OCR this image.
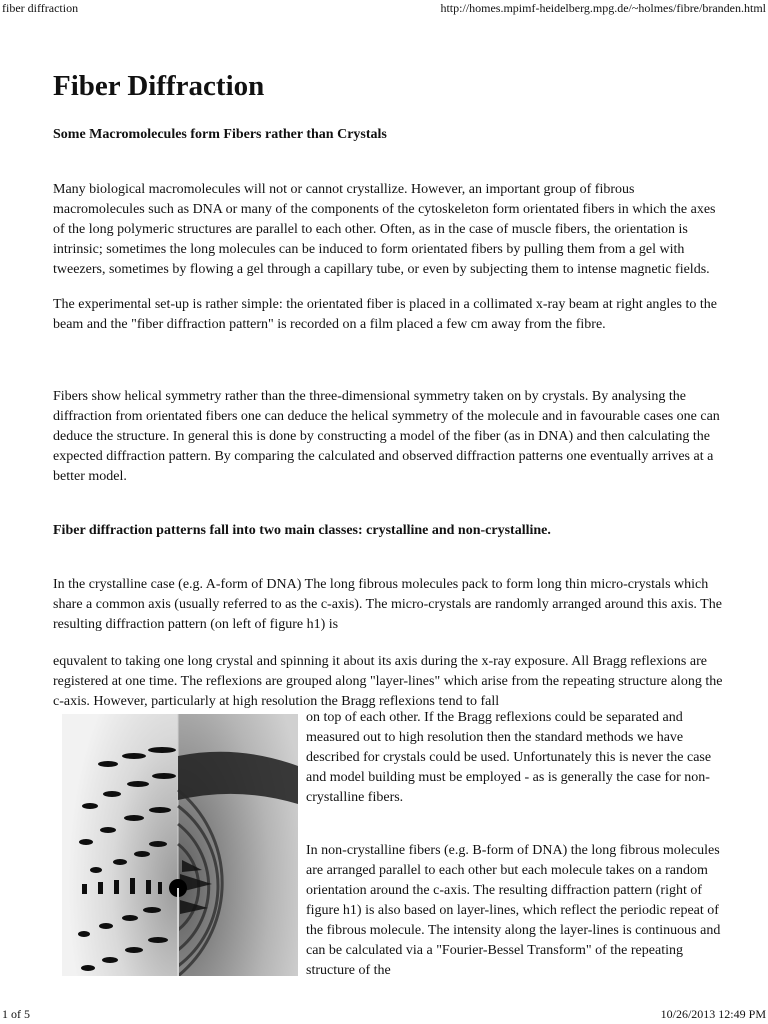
fiber diffraction	http://homes.mpimf-heidelberg.mpg.de/~holmes/fibre/branden.html
Fiber Diffraction
Some Macromolecules form Fibers rather than Crystals

Many biological macromolecules will not or cannot crystallize. However, an important group of fibrous macromolecules such as DNA or many of the components of the cytoskeleton form orientated fibers in which the axes of the long polymeric structures are parallel to each other. Often, as in the case of muscle fibers, the orientation is intrinsic; sometimes the long molecules can be induced to form orientated fibers by pulling them from a gel with tweezers, sometimes by flowing a gel through a capillary tube, or even by subjecting them to intense magnetic fields.

The experimental set-up is rather simple: the orientated fiber is placed in a collimated x-ray beam at right angles to the beam and the "fiber diffraction pattern" is recorded on a film placed a few cm away from the fibre.

Fibers show helical symmetry rather than the three-dimensional symmetry taken on by crystals. By analysing the diffraction from orientated fibers one can deduce the helical symmetry of the molecule and in favourable cases one can deduce the structure. In general this is done by constructing a model of the fiber (as in DNA) and then calculating the expected diffraction pattern. By comparing the calculated and observed diffraction patterns one eventually arrives at a better model.

Fiber diffraction patterns fall into two main classes: crystalline and non-crystalline.

In the crystalline case (e.g. A-form of DNA) The long fibrous molecules pack to form long thin micro-crystals which share a common axis (usually referred to as the c-axis). The micro-crystals are randomly arranged around this axis. The resulting diffraction pattern (on left of figure h1) is

equvalent to taking one long crystal and spinning it about its axis during the x-ray exposure. All Bragg reflexions are registered at one time. The reflexions are grouped along "layer-lines" which arise from the repeating structure along the c-axis. However, particularly at high resolution the Bragg reflexions tend to fall

on top of each other. If the Bragg reflexions could be separated and measured out to high resolution then the standard methods we have described for crystals could be used. Unfortunately this is never the case and model building must be employed - as is generally the case for non-crystalline fibers.

In non-crystalline fibers (e.g. B-form of DNA) the long fibrous molecules are arranged parallel to each other but each molecule takes on a random orientation around the c-axis. The resulting diffraction pattern (right of figure h1) is also based on layer-lines, which reflect the periodic repeat of the fibrous molecule. The intensity along the layer-lines is continuous and can be calculated via a "Fourier-Bessel Transform" of the repeating structure of the

1 of 5	10/26/2013 12:49 PM
